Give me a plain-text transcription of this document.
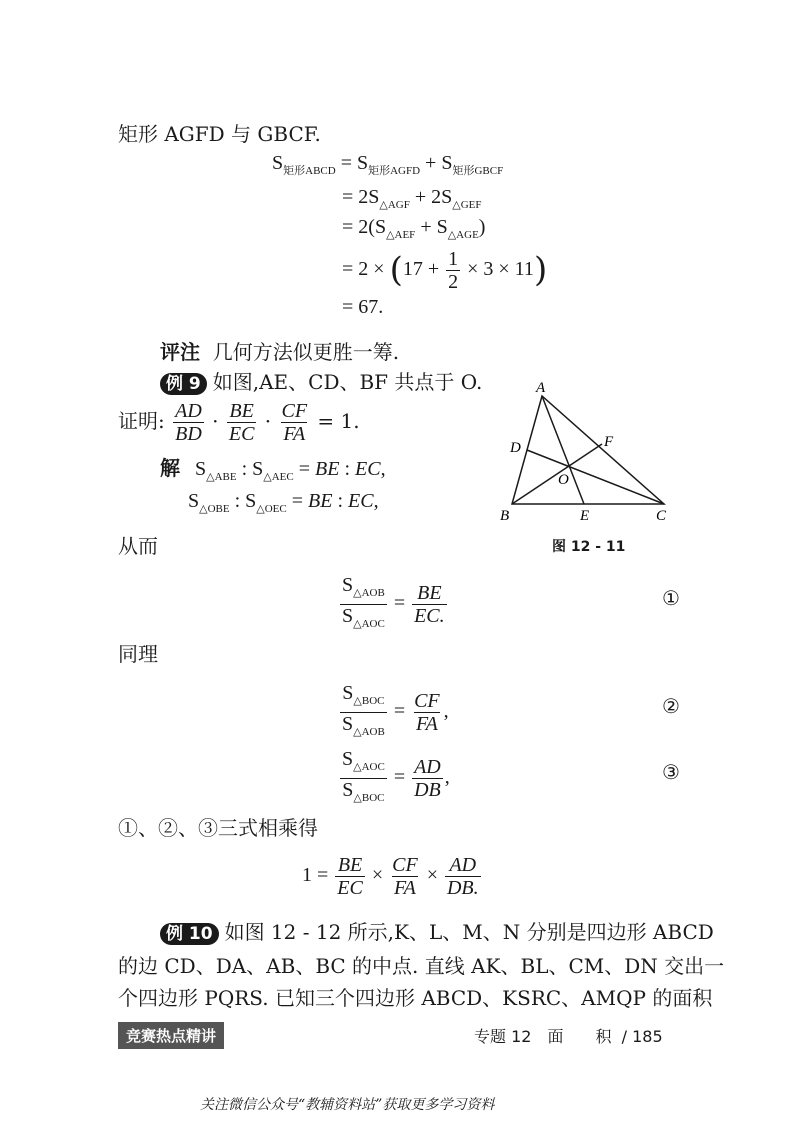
矩形 AGFD 与 GBCF.
$S_{矩形ABCD} = S_{矩形AGFD} + S_{矩形GBCF}$
= $2S_{\triangle AGF} + 2S_{\triangle GEF}$
= $2(S_{\triangle AEF} + S_{\triangle AGE})$
= $2 \times (17 + \frac{1}{2} \times 3 \times 11)$
= 67.
评注 几何方法似更胜一筹.
例 9 如图,AE、CD、BF 共点于 O.
证明: $\frac{AD}{BD} \cdot \frac{BE}{EC} \cdot \frac{CF}{FA} = 1$.
解   $S_{\triangle ABE}$ : $S_{\triangle AEC}$ = BE : EC,
$S_{\triangle OBE}$ : $S_{\triangle OEC}$ = BE : EC,
A
B	C
D
E
F
O
图 12 - 11
从而
$\frac{S_{\triangle AOB}}{S_{\triangle AOC}} = \frac{BE}{EC.}$	①
同理
$\frac{S_{\triangle BOC}}{S_{\triangle AOB}} = \frac{CF}{FA}$ ,	②
$\frac{S_{\triangle AOC}}{S_{\triangle BOC}} = \frac{AD}{DB}$ ,	③
①、②、③三式相乘得
$1 = \frac{BE}{EC} \times \frac{CF}{FA} \times \frac{AD}{DB.}$
例 10 如图 12 - 12 所示,K、L、M、N 分别是四边形 ABCD
的边 CD、DA、AB、BC 的中点. 直线 AK、BL、CM、DN 交出一
个四边形 PQRS. 已知三个四边形 ABCD、KSRC、AMQP 的面积
竞赛热点精讲	专题 12　面　　积 / 185
关注微信公众号“教辅资料站”获取更多学习资料
